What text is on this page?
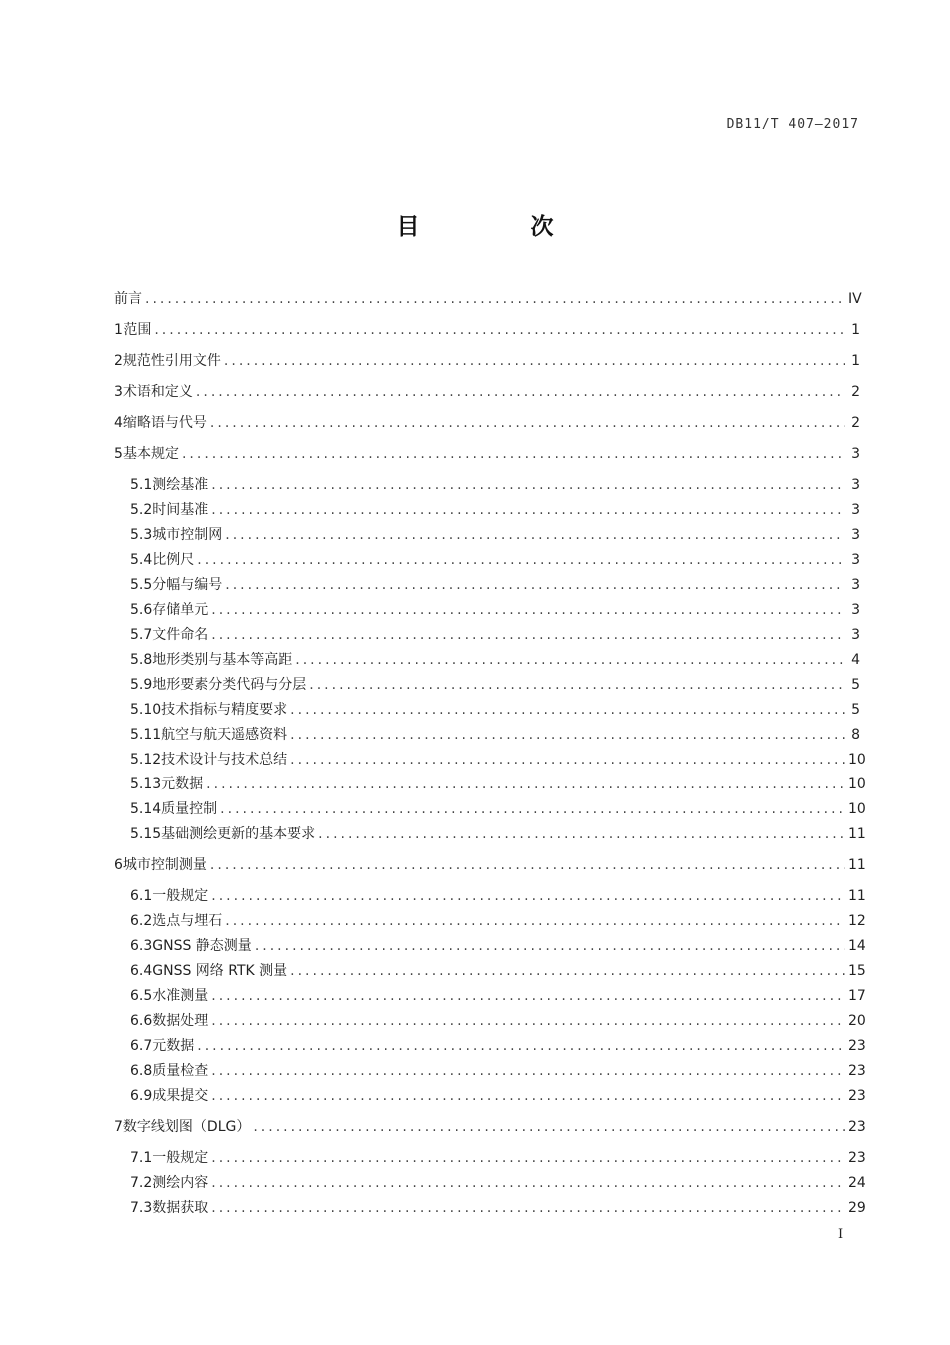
DB11/T 407—2017
目　次
前言 .....	IV
1 范围 .....	1
2 规范性引用文件 .....	1
3 术语和定义 .....	2
4 缩略语与代号 .....	2
5 基本规定 .....	3
5.1 测绘基准 .....	3
5.2 时间基准 .....	3
5.3 城市控制网 .....	3
5.4 比例尺 .....	3
5.5 分幅与编号 .....	3
5.6 存储单元 .....	3
5.7 文件命名 .....	3
5.8 地形类别与基本等高距 .....	4
5.9 地形要素分类代码与分层 .....	5
5.10 技术指标与精度要求 .....	5
5.11 航空与航天遥感资料 .....	8
5.12 技术设计与技术总结 .....	10
5.13 元数据 .....	10
5.14 质量控制 .....	10
5.15 基础测绘更新的基本要求 .....	11
6 城市控制测量 .....	11
6.1 一般规定 .....	11
6.2 选点与埋石 .....	12
6.3 GNSS 静态测量 .....	14
6.4 GNSS 网络 RTK 测量 .....	15
6.5 水准测量 .....	17
6.6 数据处理 .....	20
6.7 元数据 .....	23
6.8 质量检查 .....	23
6.9 成果提交 .....	23
7 数字线划图（DLG） .....	23
7.1 一般规定 .....	23
7.2 测绘内容 .....	24
7.3 数据获取 .....	29
I
